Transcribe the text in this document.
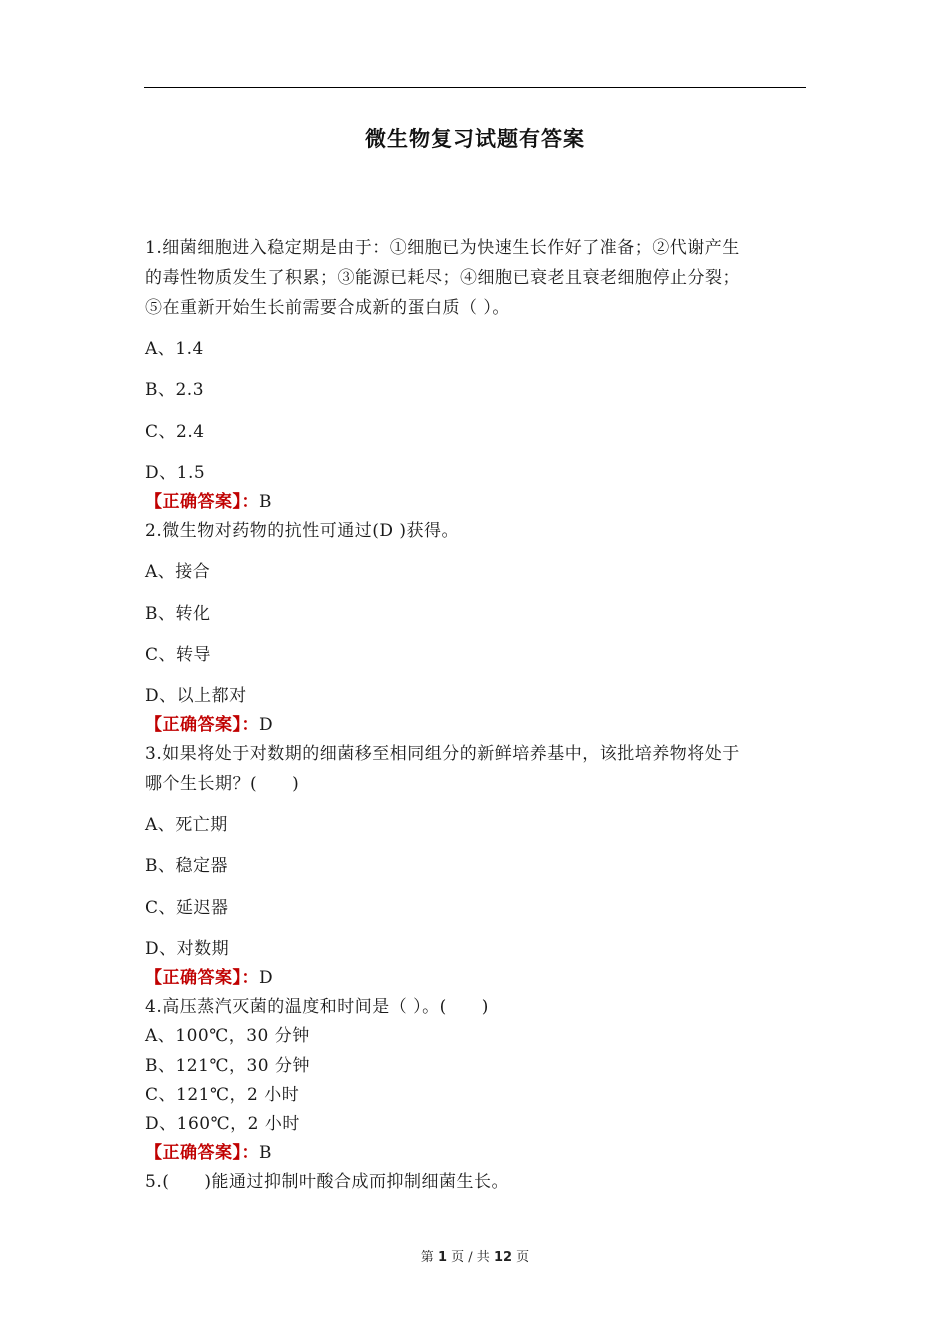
微生物复习试题有答案
1.细菌细胞进入稳定期是由于：①细胞已为快速生长作好了准备；②代谢产生
的毒性物质发生了积累；③能源已耗尽；④细胞已衰老且衰老细胞停止分裂；
⑤在重新开始生长前需要合成新的蛋白质（ ）。
A、1.4
B、2.3
C、2.4
D、1.5
【正确答案】：B
2.微生物对药物的抗性可通过(D )获得。
A、接合
B、转化
C、转导
D、以上都对
【正确答案】：D
3.如果将处于对数期的细菌移至相同组分的新鲜培养基中，该批培养物将处于
哪个生长期？(　　)
A、死亡期
B、稳定器
C、延迟器
D、对数期
【正确答案】：D
4.高压蒸汽灭菌的温度和时间是（ ）。(　　)
A、100℃，30 分钟
B、121℃，30 分钟
C、121℃，2 小时
D、160℃，2 小时
【正确答案】：B
5.(　　)能通过抑制叶酸合成而抑制细菌生长。
第 1 页 / 共 12 页
